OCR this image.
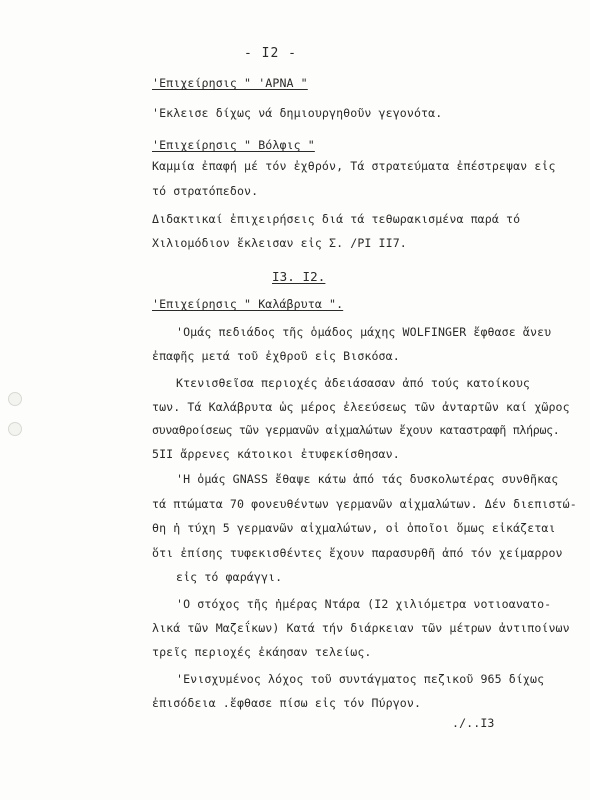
- I2 -
'Επιχείρησις " 'ΑΡΝΑ "
'Εκλεισε δίχως νά δημιουργηθοῦν γεγονότα.
'Επιχείρησις " Βόλφις "
Καμμία ἐπαφή μέ τόν ἐχθρόν, Τά στρατεύματα ἐπέστρεψαν εἰς
τό στρατόπεδον.
Διδακτικαί ἐπιχειρήσεις διά τά τεθωρακισμένα παρά τό
Χιλιομόδιον ἔκλεισαν εἰς Σ. /ΡΙ II7.
I3. I2.
'Επιχείρησις " Καλάβρυτα ".
'Ομάς πεδιάδος τῆς ὁμάδος μάχης WOLFINGER ἔφθασε ἄνευ
ἐπαφῆς μετά τοῦ ἐχθροῦ εἰς Βισκόσα.
Κτενισθεῖσα περιοχές ἀδειάσασαν ἀπό τούς κατοίκους
των. Τά Καλάβρυτα ὡς μέρος ἐλεεύσεως τῶν ἀνταρτῶν καί χῶρος
συναθροίσεως τῶν γερμανῶν αἰχμαλώτων ἔχουν καταστραφῆ πλήρως.
5II ἄρρενες κάτοικοι ἐτυφεκίσθησαν.
'Η ὁμάς GNASS ἔθαψε κάτω ἀπό τάς δυσκολωτέρας συνθῆκας
τά πτώματα 70 φονευθέντων γερμανῶν αἰχμαλώτων. Δέν διεπιστώ-
θη ἡ τύχη 5 γερμανῶν αἰχμαλώτων, οἱ ὁποῖοι ὅμως εἰκάζεται
ὅτι ἐπίσης τυφεκισθέντες ἔχουν παρασυρθῆ ἀπό τόν χείμαρρον
εἰς τό φαράγγι.
'Ο στόχος τῆς ἡμέρας Ντάρα (I2 χιλιόμετρα νοτιοανατο-
λικά τῶν Μαζεΐκων) Κατά τήν διάρκειαν τῶν μέτρων ἀντιποίνων
τρεῖς περιοχές ἐκάησαν τελείως.
'Ενισχυμένος λόχος τοῦ συντάγματος πεζικοῦ 965 δίχως
ἐπισόδεια .ἔφθασε πίσω εἰς τόν Πύργον.
./..I3
